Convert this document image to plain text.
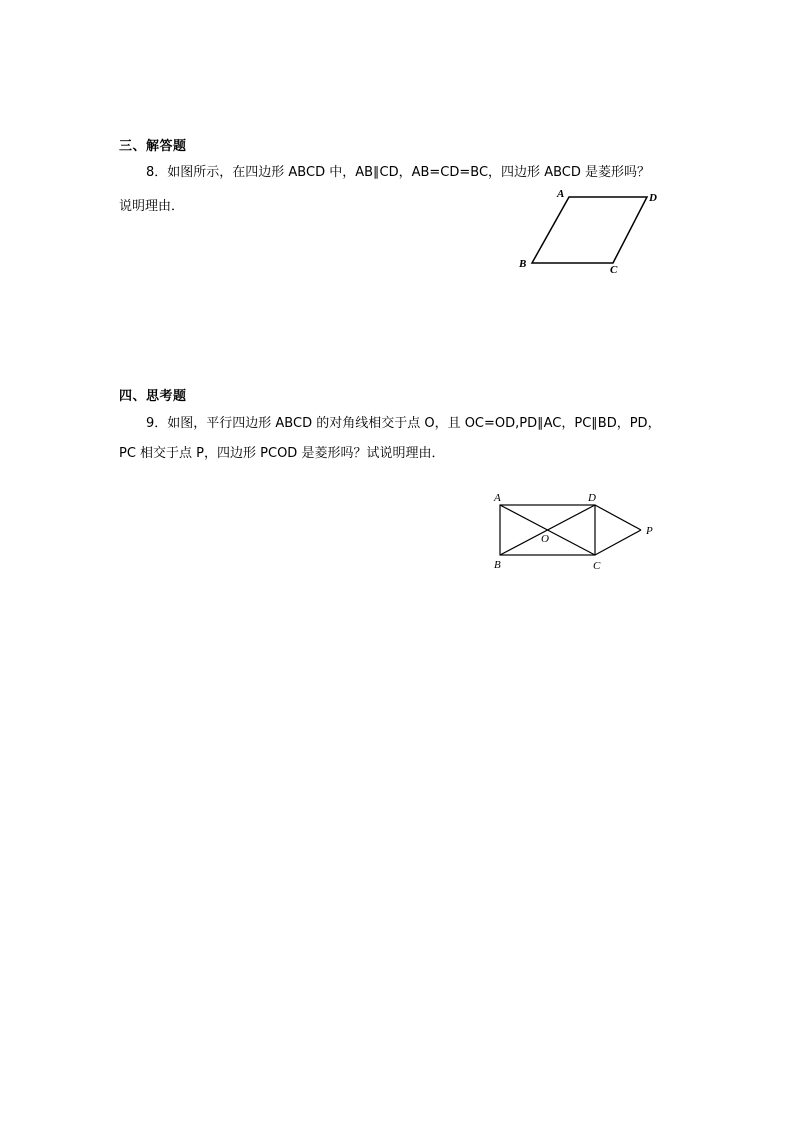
三、解答题
8．如图所示，在四边形 ABCD 中，AB∥CD，AB=CD=BC，四边形 ABCD 是菱形吗？
说明理由．
A	D
B	C
四、思考题
9．如图，平行四边形 ABCD 的对角线相交于点 O，且 OC=OD,PD∥AC，PC∥BD，PD，
PC 相交于点 P，四边形 PCOD 是菱形吗？试说明理由．
A	D
B	C
O
P
